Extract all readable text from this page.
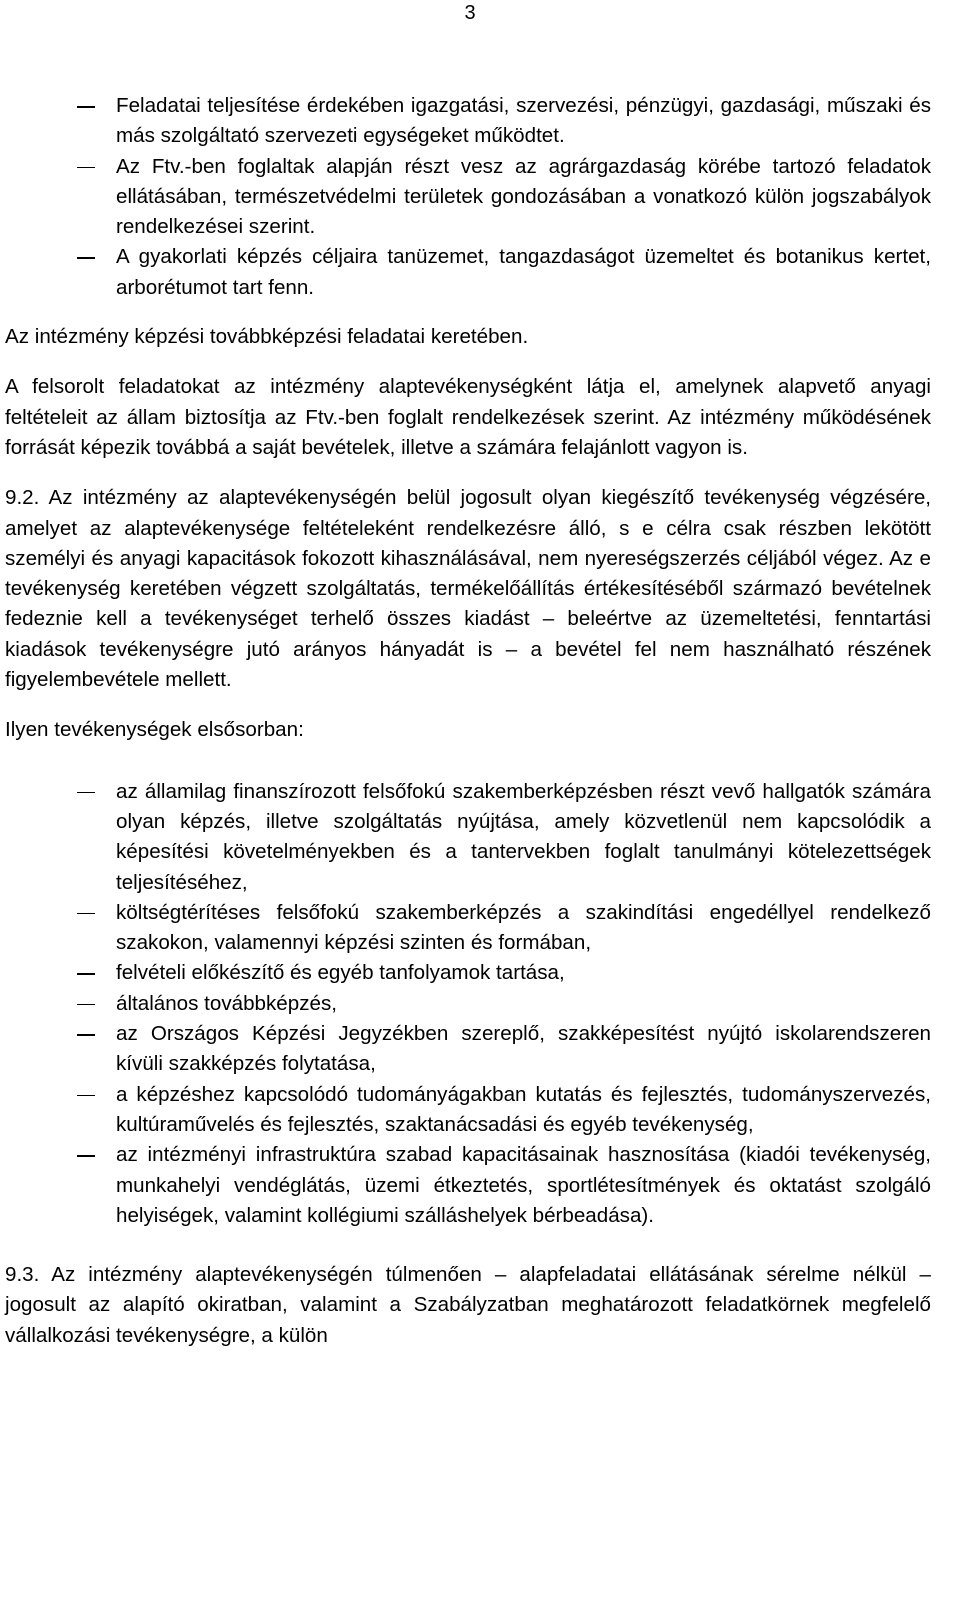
3
Feladatai teljesítése érdekében igazgatási, szervezési, pénzügyi, gazdasági, műszaki és más szolgáltató szervezeti egységeket működtet.
Az Ftv.-ben foglaltak alapján részt vesz az agrárgazdaság körébe tartozó feladatok ellátásában, természetvédelmi területek gondozásában a vonatkozó külön jogszabályok rendelkezései szerint.
A gyakorlati képzés céljaira tanüzemet, tangazdaságot üzemeltet és botanikus kertet, arborétumot tart fenn.

Az intézmény képzési továbbképzési feladatai keretében.

A felsorolt feladatokat az intézmény alaptevékenységként látja el, amelynek alapvető anyagi feltételeit az állam biztosítja az Ftv.-ben foglalt rendelkezések szerint. Az intézmény működésének forrását képezik továbbá a saját bevételek, illetve a számára felajánlott vagyon is.

9.2. Az intézmény az alaptevékenységén belül jogosult olyan kiegészítő tevékenység végzésére, amelyet az alaptevékenysége feltételeként rendelkezésre álló, s e célra csak részben lekötött személyi és anyagi kapacitások fokozott kihasználásával, nem nyereségszerzés céljából végez. Az e tevékenység keretében végzett szolgáltatás, termékelőállítás értékesítéséből származó bevételnek fedeznie kell a tevékenységet terhelő összes kiadást – beleértve az üzemeltetési, fenntartási kiadások tevékenységre jutó arányos hányadát is – a bevétel fel nem használható részének figyelembevétele mellett.

Ilyen tevékenységek elsősorban:

az államilag finanszírozott felsőfokú szakemberképzésben részt vevő hallgatók számára olyan képzés, illetve szolgáltatás nyújtása, amely közvetlenül nem kapcsolódik a képesítési követelményekben és a tantervekben foglalt tanulmányi kötelezettségek teljesítéséhez,
költségtérítéses felsőfokú szakemberképzés a szakindítási engedéllyel rendelkező szakokon, valamennyi képzési szinten és formában,
felvételi előkészítő és egyéb tanfolyamok tartása,
általános továbbképzés,
az Országos Képzési Jegyzékben szereplő, szakképesítést nyújtó iskolarendszeren kívüli szakképzés folytatása,
a képzéshez kapcsolódó tudományágakban kutatás és fejlesztés, tudományszervezés, kultúraművelés és fejlesztés, szaktanácsadási és egyéb tevékenység,
az intézményi infrastruktúra szabad kapacitásainak hasznosítása (kiadói tevékenység, munkahelyi vendéglátás, üzemi étkeztetés, sportlétesítmények és oktatást szolgáló helyiségek, valamint kollégiumi szálláshelyek bérbeadása).

9.3. Az intézmény alaptevékenységén túlmenően – alapfeladatai ellátásának sérelme nélkül – jogosult az alapító okiratban, valamint a Szabályzatban meghatározott feladatkörnek megfelelő vállalkozási tevékenységre, a külön
